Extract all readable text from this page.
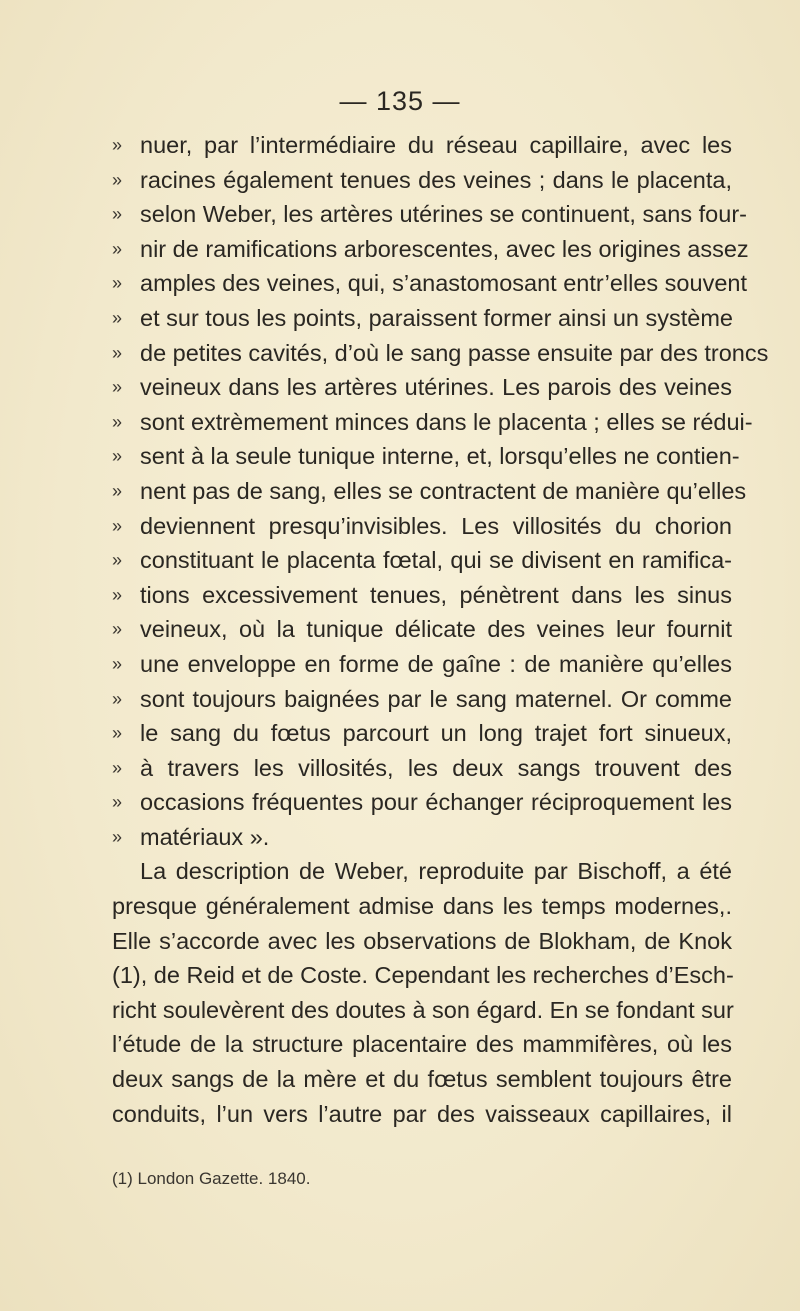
— 135 —
» nuer, par l’intermédiaire du réseau capillaire, avec les
» racines également tenues des veines ; dans le placenta,
» selon Weber, les artères utérines se continuent, sans four-
» nir de ramifications arborescentes, avec les origines assez
» amples des veines, qui, s’anastomosant entr’elles souvent
» et sur tous les points, paraissent former ainsi un système
» de petites cavités, d’où le sang passe ensuite par des troncs
» veineux dans les artères utérines. Les parois des veines
» sont extrèmement minces dans le placenta ; elles se rédui-
» sent à la seule tunique interne, et, lorsqu’elles ne contien-
» nent pas de sang, elles se contractent de manière qu’elles
» deviennent presqu’invisibles. Les villosités du chorion
» constituant le placenta fœtal, qui se divisent en ramifica-
» tions excessivement tenues, pénètrent dans les sinus
» veineux, où la tunique délicate des veines leur fournit
» une enveloppe en forme de gaîne : de manière qu’elles
» sont toujours baignées par le sang maternel. Or comme
» le sang du fœtus parcourt un long trajet fort sinueux,
» à travers les villosités, les deux sangs trouvent des
» occasions fréquentes pour échanger réciproquement les
» matériaux ».
La description de Weber, reproduite par Bischoff, a été
presque généralement admise dans les temps modernes,.
Elle s’accorde avec les observations de Blokham, de Knok
(1), de Reid et de Coste. Cependant les recherches d’Esch-
richt soulevèrent des doutes à son égard. En se fondant sur
l’étude de la structure placentaire des mammifères, où les
deux sangs de la mère et du fœtus semblent toujours être
conduits, l’un vers l’autre par des vaisseaux capillaires, il
(1) London Gazette. 1840.
